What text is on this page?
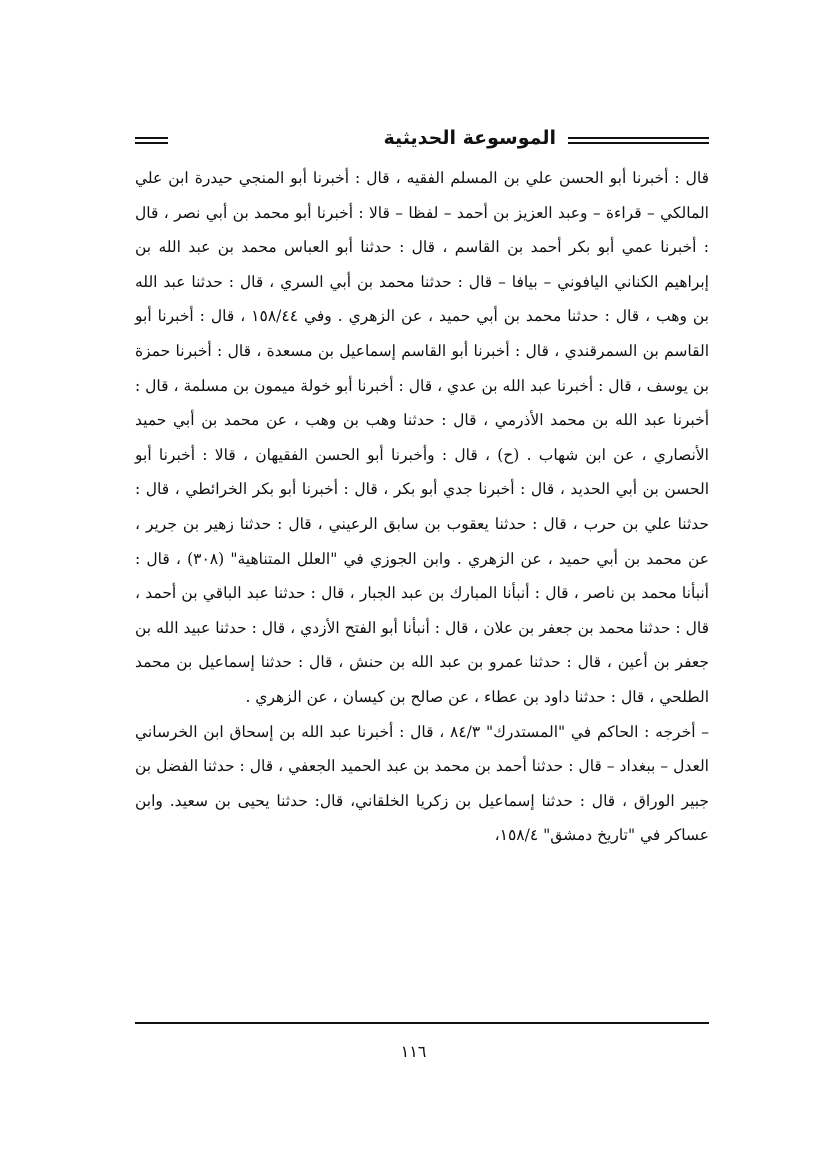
الموسوعة الحديثية

قال : أخبرنا أبو الحسن علي بن المسلم الفقيه ، قال : أخبرنا أبو المنجي حيدرة ابن علي المالكي – قراءة – وعبد العزيز بن أحمد – لفظا – قالا : أخبرنا أبو محمد بن أبي نصر ، قال : أخبرنا عمي أبو بكر أحمد بن القاسم ، قال : حدثنا أبو العباس محمد بن عبد الله بن إبراهيم الكناني اليافوني – بيافا – قال : حدثنا محمد بن أبي السري ، قال : حدثنا عبد الله بن وهب ، قال : حدثنا محمد بن أبي حميد ، عن الزهري . وفي ١٥٨/٤٤ ، قال : أخبرنا أبو القاسم بن السمرقندي ، قال : أخبرنا أبو القاسم إسماعيل بن مسعدة ، قال : أخبرنا حمزة بن يوسف ، قال : أخبرنا عبد الله بن عدي ، قال : أخبرنا أبو خولة ميمون بن مسلمة ، قال : أخبرنا عبد الله بن محمد الأذرمي ، قال : حدثنا وهب بن وهب ، عن محمد بن أبي حميد الأنصاري ، عن ابن شهاب . (ح) ، قال : وأخبرنا أبو الحسن الفقيهان ، قالا : أخبرنا أبو الحسن بن أبي الحديد ، قال : أخبرنا جدي أبو بكر ، قال : أخبرنا أبو بكر الخرائطي ، قال : حدثنا علي بن حرب ، قال : حدثنا يعقوب بن سابق الرعيني ، قال : حدثنا زهير بن جرير ، عن محمد بن أبي حميد ، عن الزهري . وابن الجوزي في "العلل المتناهية" (٣٠٨) ، قال : أنبأنا محمد بن ناصر ، قال : أنبأنا المبارك بن عبد الجبار ، قال : حدثنا عبد الباقي بن أحمد ، قال : حدثنا محمد بن جعفر بن علان ، قال : أنبأنا أبو الفتح الأزدي ، قال : حدثنا عبيد الله بن جعفر بن أعين ، قال : حدثنا عمرو بن عبد الله بن حنش ، قال : حدثنا إسماعيل بن محمد الطلحي ، قال : حدثنا داود بن عطاء ، عن صالح بن كيسان ، عن الزهري .

– أخرجه : الحاكم في "المستدرك" ٨٤/٣ ، قال : أخبرنا عبد الله بن إسحاق ابن الخرساني العدل – ببغداد – قال : حدثنا أحمد بن محمد بن عبد الحميد الجعفي ، قال : حدثنا الفضل بن جبير الوراق ، قال : حدثنا إسماعيل بن زكريا الخلقاني، قال: حدثنا يحيى بن سعيد. وابن عساكر في "تاريخ دمشق" ١٥٨/٤،

١١٦
